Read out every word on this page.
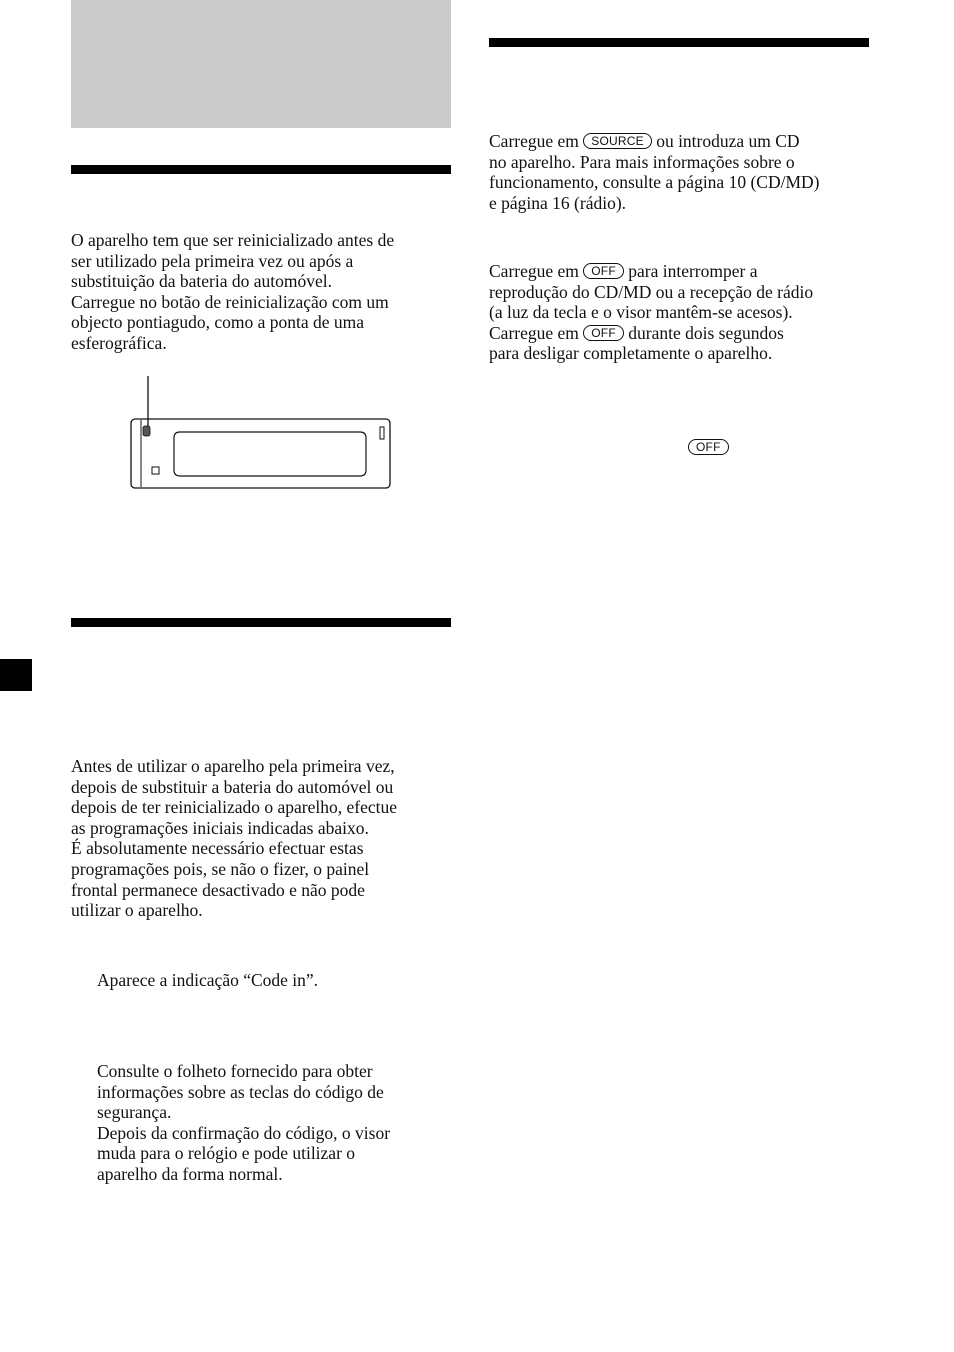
O aparelho tem que ser reinicializado antes de

ser utilizado pela primeira vez ou após a

substituição da bateria do automóvel.

Carregue no botão de reinicialização com um

objecto pontiagudo, como a ponta de uma

esferográfica.

Antes de utilizar o aparelho pela primeira vez,

depois de substituir a bateria do automóvel ou

depois de ter reinicializado o aparelho, efectue

as programações iniciais indicadas abaixo.

É absolutamente necessário efectuar estas

programações pois, se não o fizer, o painel

frontal permanece desactivado e não pode

utilizar o aparelho.

Aparece a indicação “Code in”.

Consulte o folheto fornecido para obter

informações sobre as teclas do código de

segurança.

Depois da confirmação do código, o visor

muda para o relógio e pode utilizar o

aparelho da forma normal.

Carregue em SOURCE ou introduza um CD

no aparelho. Para mais informações sobre o

funcionamento, consulte a página 10 (CD/MD)

e página 16 (rádio).

Carregue em OFF para interromper a

reprodução do CD/MD ou a recepção de rádio

(a luz da tecla e o visor mantêm-se acesos).

Carregue em OFF durante dois segundos

para desligar completamente o aparelho.

OFF
